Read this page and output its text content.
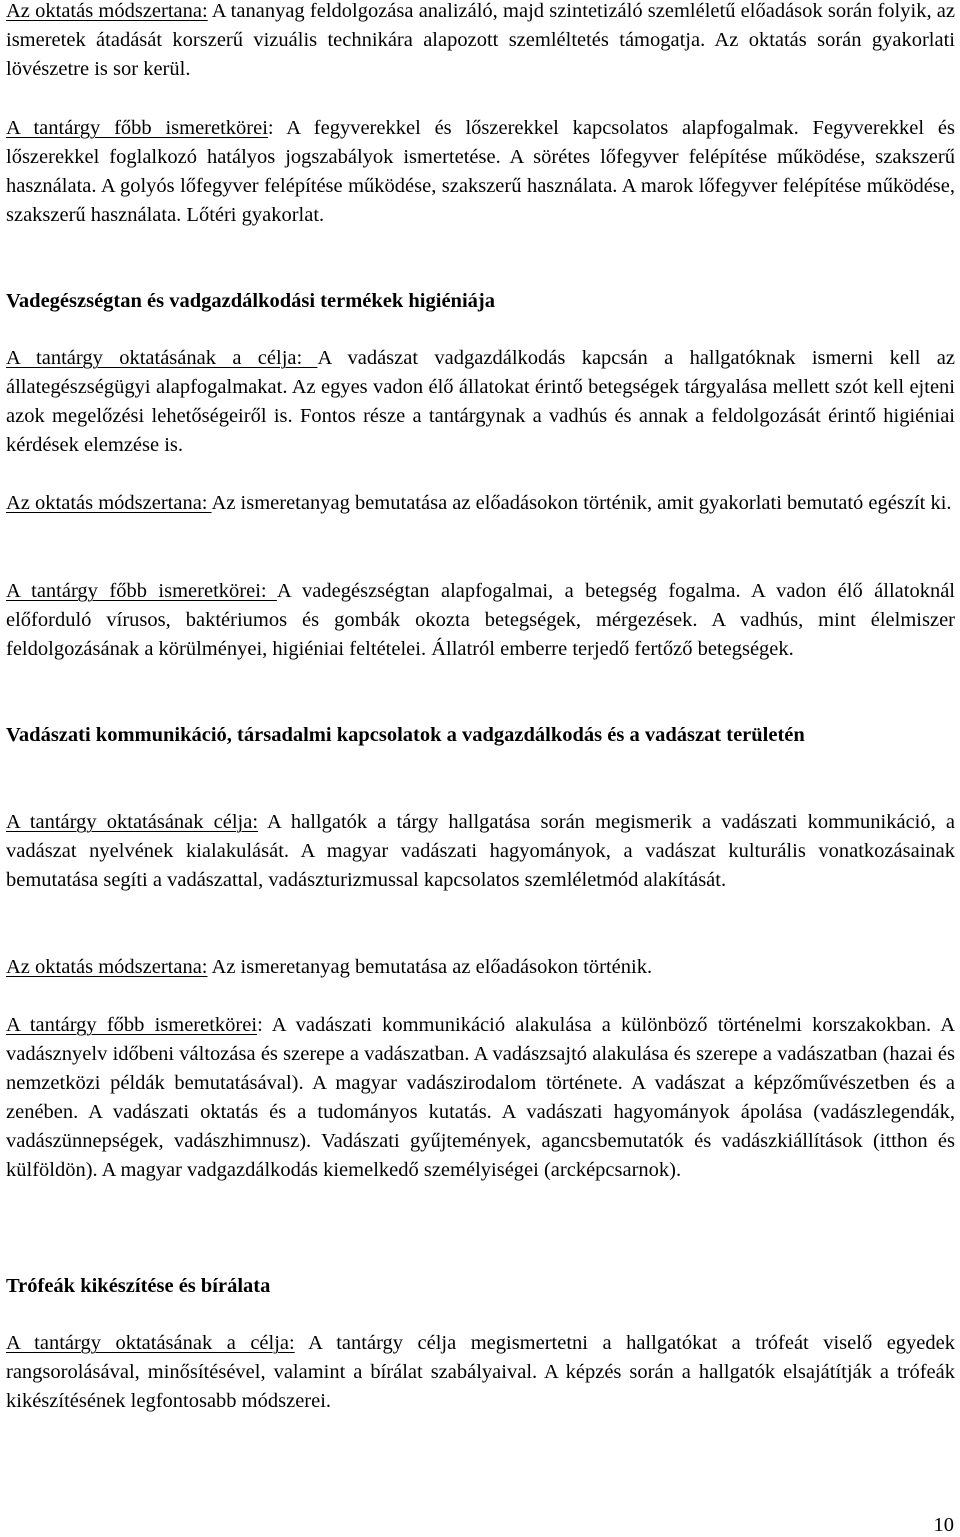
Az oktatás módszertana: A tananyag feldolgozása analizáló, majd szintetizáló szemléletű előadások során folyik, az ismeretek átadását korszerű vizuális technikára alapozott szemléltetés támogatja. Az oktatás során gyakorlati lövészetre is sor kerül.

A tantárgy főbb ismeretkörei: A fegyverekkel és lőszerekkel kapcsolatos alapfogalmak. Fegyverekkel és lőszerekkel foglalkozó hatályos jogszabályok ismertetése. A sörétes lőfegyver felépítése működése, szakszerű használata. A golyós lőfegyver felépítése működése, szakszerű használata. A marok lőfegyver felépítése működése, szakszerű használata. Lőtéri gyakorlat.

Vadegészségtan és vadgazdálkodási termékek higiéniája

A tantárgy oktatásának a célja: A vadászat vadgazdálkodás kapcsán a hallgatóknak ismerni kell az állategészségügyi alapfogalmakat. Az egyes vadon élő állatokat érintő betegségek tárgyalása mellett szót kell ejteni azok megelőzési lehetőségeiről is. Fontos része a tantárgynak a vadhús és annak a feldolgozását érintő higiéniai kérdések elemzése is.

Az oktatás módszertana: Az ismeretanyag bemutatása az előadásokon történik, amit gyakorlati bemutató egészít ki.

A tantárgy főbb ismeretkörei: A vadegészségtan alapfogalmai, a betegség fogalma. A vadon élő állatoknál előforduló vírusos, baktériumos és gombák okozta betegségek, mérgezések. A vadhús, mint élelmiszer feldolgozásának a körülményei, higiéniai feltételei. Állatról emberre terjedő fertőző betegségek.

Vadászati kommunikáció, társadalmi kapcsolatok a vadgazdálkodás és a vadászat területén

A tantárgy oktatásának célja: A hallgatók a tárgy hallgatása során megismerik a vadászati kommunikáció, a vadászat nyelvének kialakulását. A magyar vadászati hagyományok, a vadászat kulturális vonatkozásainak bemutatása segíti a vadászattal, vadászturizmussal kapcsolatos szemléletmód alakítását.

Az oktatás módszertana: Az ismeretanyag bemutatása az előadásokon történik.

A tantárgy főbb ismeretkörei: A vadászati kommunikáció alakulása a különböző történelmi korszakokban. A vadásznyelv időbeni változása és szerepe a vadászatban. A vadászsajtó alakulása és szerepe a vadászatban (hazai és nemzetközi példák bemutatásával). A magyar vadászirodalom története. A vadászat a képzőművészetben és a zenében. A vadászati oktatás és a tudományos kutatás. A vadászati hagyományok ápolása (vadászlegendák, vadászünnepségek, vadászhimnusz). Vadászati gyűjtemények, agancsbemutatók és vadászkiállítások (itthon és külföldön). A magyar vadgazdálkodás kiemelkedő személyiségei (arcképcsarnok).

Trófeák kikészítése és bírálata

A tantárgy oktatásának a célja: A tantárgy célja megismertetni a hallgatókat a trófeát viselő egyedek rangsorolásával, minősítésével, valamint a bírálat szabályaival. A képzés során a hallgatók elsajátítják a trófeák kikészítésének legfontosabb módszerei.

10
